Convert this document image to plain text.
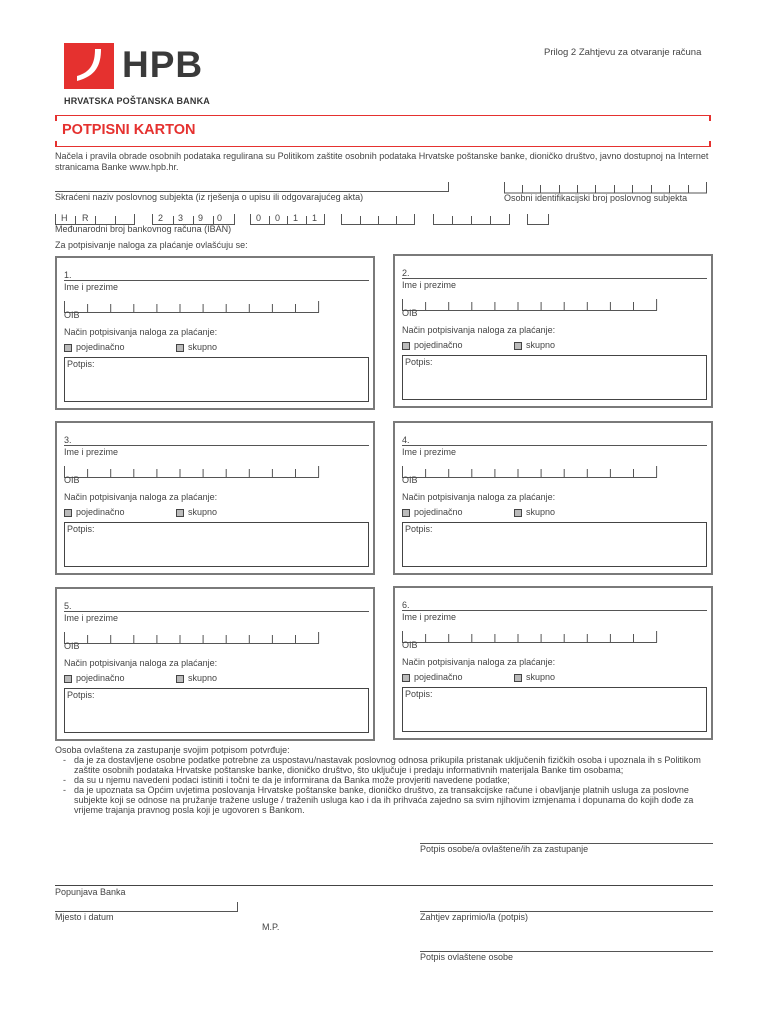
HPB
HRVATSKA POŠTANSKA BANKA
Prilog 2 Zahtjevu za otvaranje računa
POTPISNI KARTON
Načela i pravila obrade osobnih podataka regulirana su Politikom zaštite osobnih podataka Hrvatske poštanske banke, dioničko društvo, javno dostupnoj na Internet stranicama Banke www.hpb.hr.
Skraćeni naziv poslovnog subjekta (iz rješenja o upisu ili odgovarajućeg akta)	Osobni identifikacijski broj poslovnog subjekta
H R	2 3 9 0	0 0 1 1
Međunarodni broj bankovnog računa (IBAN)
Za potpisivanje naloga za plaćanje ovlašćuju se:
1.
Ime i prezime
OIB
Način potpisivanja naloga za plaćanje:
pojedinačno	skupno
Potpis:
2.
Ime i prezime
OIB
Način potpisivanja naloga za plaćanje:
pojedinačno	skupno
Potpis:
3.
Ime i prezime
OIB
Način potpisivanja naloga za plaćanje:
pojedinačno	skupno
Potpis:
4.
Ime i prezime
OIB
Način potpisivanja naloga za plaćanje:
pojedinačno	skupno
Potpis:
5.
Ime i prezime
OIB
Način potpisivanja naloga za plaćanje:
pojedinačno	skupno
Potpis:
6.
Ime i prezime
OIB
Način potpisivanja naloga za plaćanje:
pojedinačno	skupno
Potpis:
Osoba ovlaštena za zastupanje svojim potpisom potvrđuje:
- da je za dostavljene osobne podatke potrebne za uspostavu/nastavak poslovnog odnosa prikupila pristanak uključenih fizičkih osoba i upoznala ih s Politikom
zaštite osobnih podataka Hrvatske poštanske banke, dioničko društvo, što uključuje i predaju informativnih materijala Banke tim osobama;
- da su u njemu navedeni podaci istiniti i točni te da je informirana da Banka može provjeriti navedene podatke;
- da je upoznata sa Općim uvjetima poslovanja Hrvatske poštanske banke, dioničko društvo, za transakcijske račune i obavljanje platnih usluga za poslovne
subjekte koji se odnose na pružanje tražene usluge / traženih usluga kao i da ih prihvaća zajedno sa svim njihovim izmjenama i dopunama do kojih dođe za
vrijeme trajanja pravnog posla koji je ugovoren s Bankom.
Potpis osobe/a ovlaštene/ih za zastupanje
Popunjava Banka
Mjesto i datum
M.P.
Zahtjev zaprimio/la (potpis)
Potpis ovlaštene osobe
